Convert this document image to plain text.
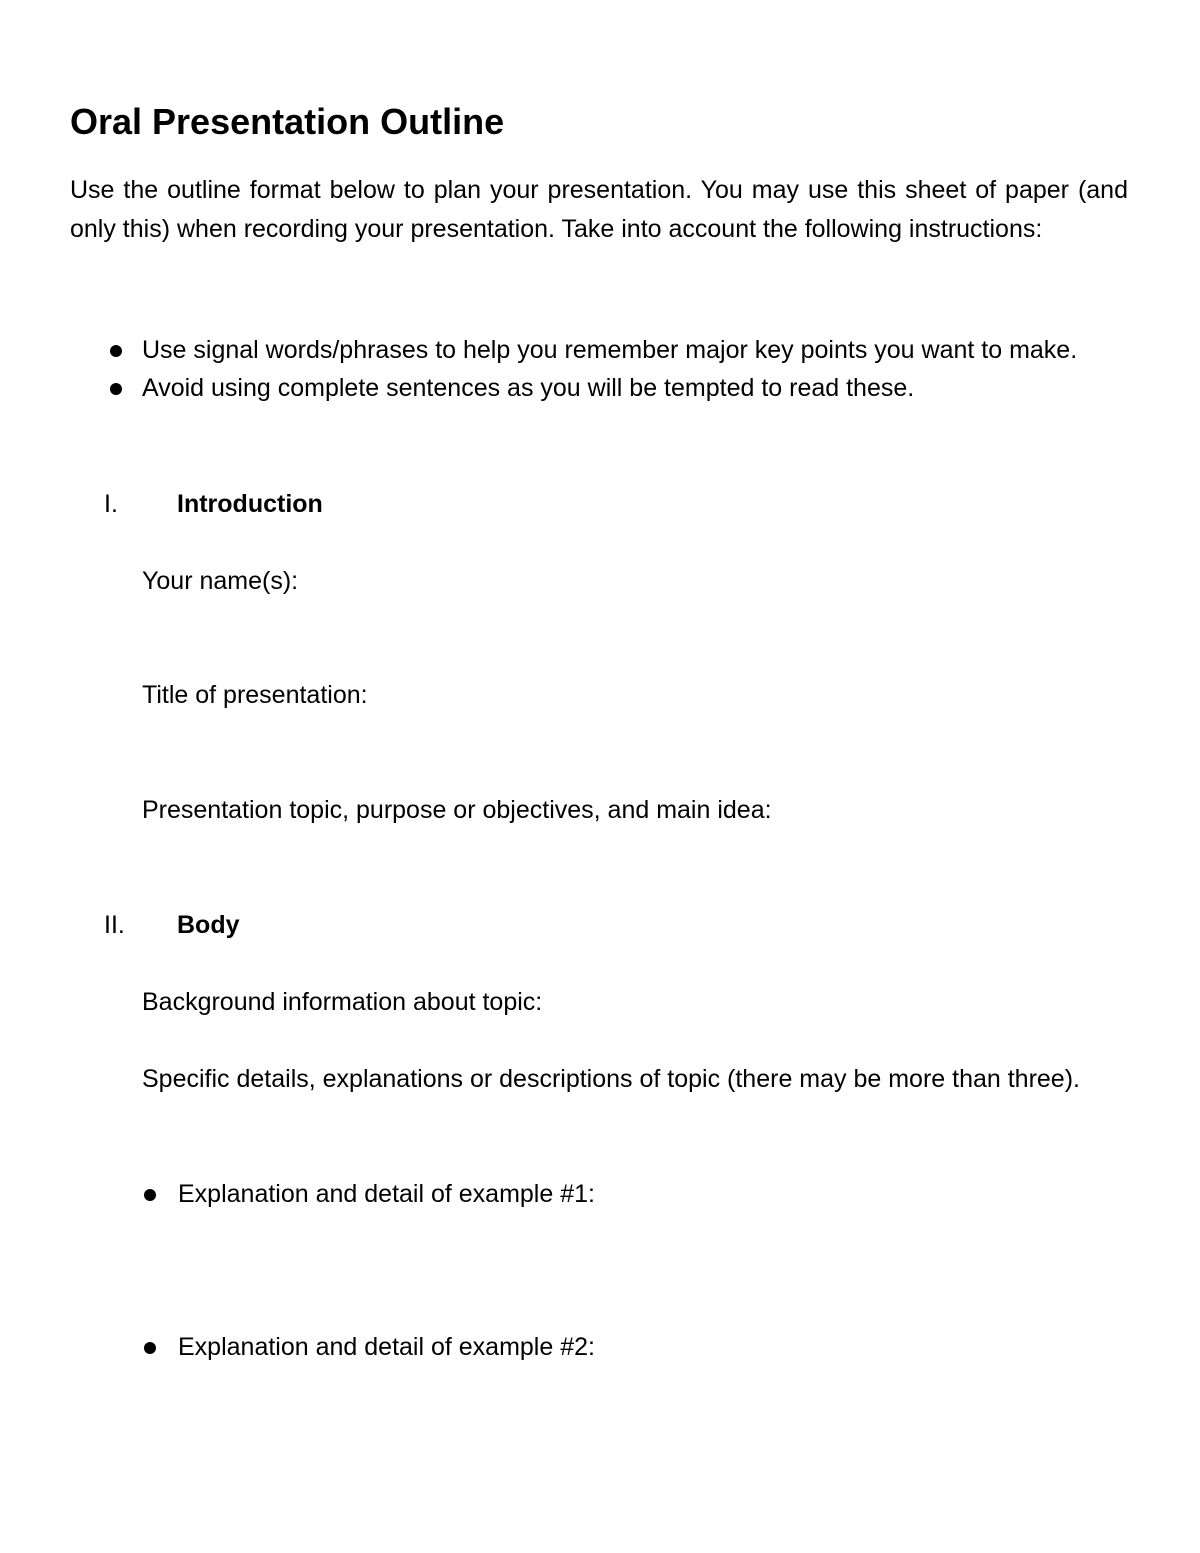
Oral Presentation Outline
Use the outline format below to plan your presentation. You may use this sheet of paper (and only this) when recording your presentation. Take into account the following instructions:
Use signal words/phrases to help you remember major key points you want to make.
Avoid using complete sentences as you will be tempted to read these.
I. Introduction
Your name(s):
Title of presentation:
Presentation topic, purpose or objectives, and main idea:
II. Body
Background information about topic:
Specific details, explanations or descriptions of topic (there may be more than three).
Explanation and detail of example #1:
Explanation and detail of example #2:
